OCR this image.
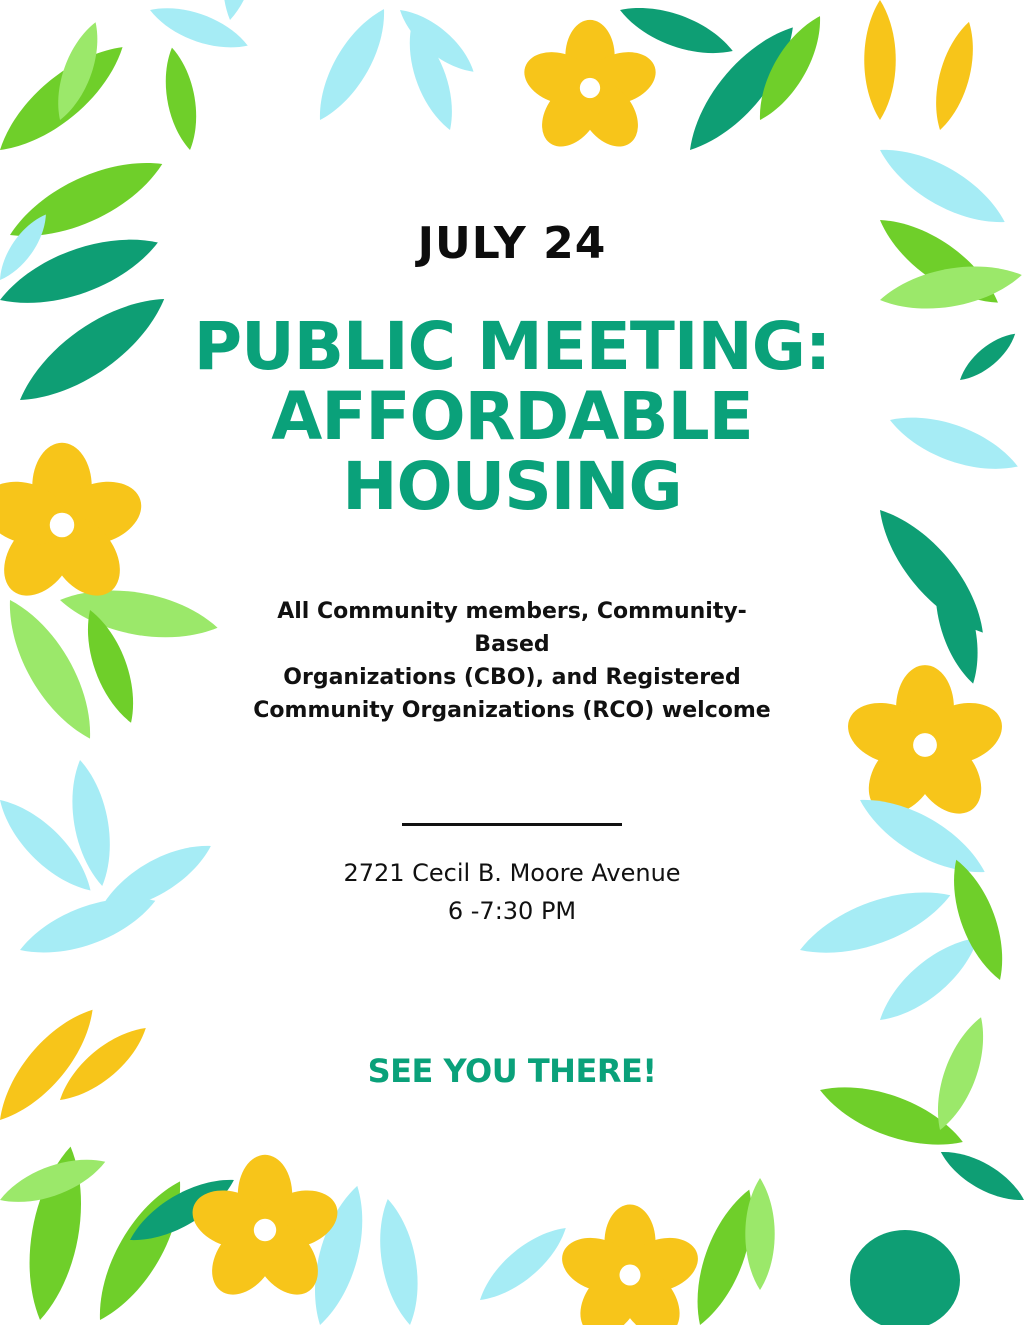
JULY 24

PUBLIC MEETING:
AFFORDABLE
HOUSING
All Community members, Community-
Based
Organizations (CBO), and Registered
Community Organizations (RCO) welcome
2721 Cecil B. Moore Avenue
6 -7:30 PM

SEE YOU THERE!
